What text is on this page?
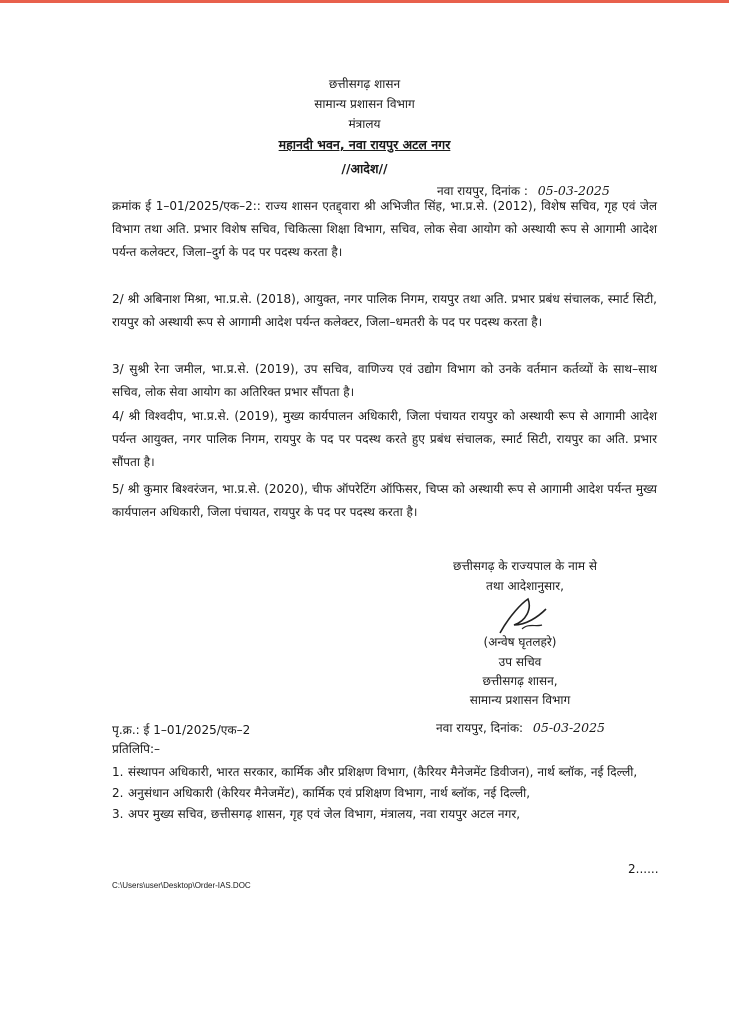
छत्तीसगढ़ शासन
सामान्य प्रशासन विभाग
मंत्रालय
महानदी भवन, नवा रायपुर अटल नगर
//आदेश//
नवा रायपुर, दिनांक : 05-03-2025
क्रमांक ई 1–01/2025/एक–2:: राज्य शासन एतद्द्वारा श्री अभिजीत सिंह, भा.प्र.से. (2012), विशेष सचिव, गृह एवं जेल विभाग तथा अति. प्रभार विशेष सचिव, चिकित्सा शिक्षा विभाग, सचिव, लोक सेवा आयोग को अस्थायी रूप से आगामी आदेश पर्यन्त कलेक्टर, जिला–दुर्ग के पद पर पदस्थ करता है।
2/ श्री अबिनाश मिश्रा, भा.प्र.से. (2018), आयुक्त, नगर पालिक निगम, रायपुर तथा अति. प्रभार प्रबंध संचालक, स्मार्ट सिटी, रायपुर को अस्थायी रूप से आगामी आदेश पर्यन्त कलेक्टर, जिला–धमतरी के पद पर पदस्थ करता है।
3/ सुश्री रेना जमील, भा.प्र.से. (2019), उप सचिव, वाणिज्य एवं उद्योग विभाग को उनके वर्तमान कर्तव्यों के साथ–साथ सचिव, लोक सेवा आयोग का अतिरिक्त प्रभार सौंपता है।
4/ श्री विश्वदीप, भा.प्र.से. (2019), मुख्य कार्यपालन अधिकारी, जिला पंचायत रायपुर को अस्थायी रूप से आगामी आदेश पर्यन्त आयुक्त, नगर पालिक निगम, रायपुर के पद पर पदस्थ करते हुए प्रबंध संचालक, स्मार्ट सिटी, रायपुर का अति. प्रभार सौंपता है।
5/ श्री कुमार बिश्वरंजन, भा.प्र.से. (2020), चीफ ऑपरेटिंग ऑफिसर, चिप्स को अस्थायी रूप से आगामी आदेश पर्यन्त मुख्य कार्यपालन अधिकारी, जिला पंचायत, रायपुर के पद पर पदस्थ करता है।
छत्तीसगढ़ के राज्यपाल के नाम से
तथा आदेशानुसार,
(अन्वेष घृतलहरे)
उप सचिव
छत्तीसगढ़ शासन,
सामान्य प्रशासन विभाग
पृ.क्र.: ई 1–01/2025/एक–2	नवा रायपुर, दिनांक: 05-03-2025
प्रतिलिपि:–
1. संस्थापन अधिकारी, भारत सरकार, कार्मिक और प्रशिक्षण विभाग, (कैरियर मैनेजमेंट डिवीजन), नार्थ ब्लॉक, नई दिल्ली,
2. अनुसंधान अधिकारी (केरियर मैनेजमेंट), कार्मिक एवं प्रशिक्षण विभाग, नार्थ ब्लॉक, नई दिल्ली,
3. अपर मुख्य सचिव, छत्तीसगढ़ शासन, गृह एवं जेल विभाग, मंत्रालय, नवा रायपुर अटल नगर,
2......
C:\Users\user\Desktop\Order-IAS.DOC
